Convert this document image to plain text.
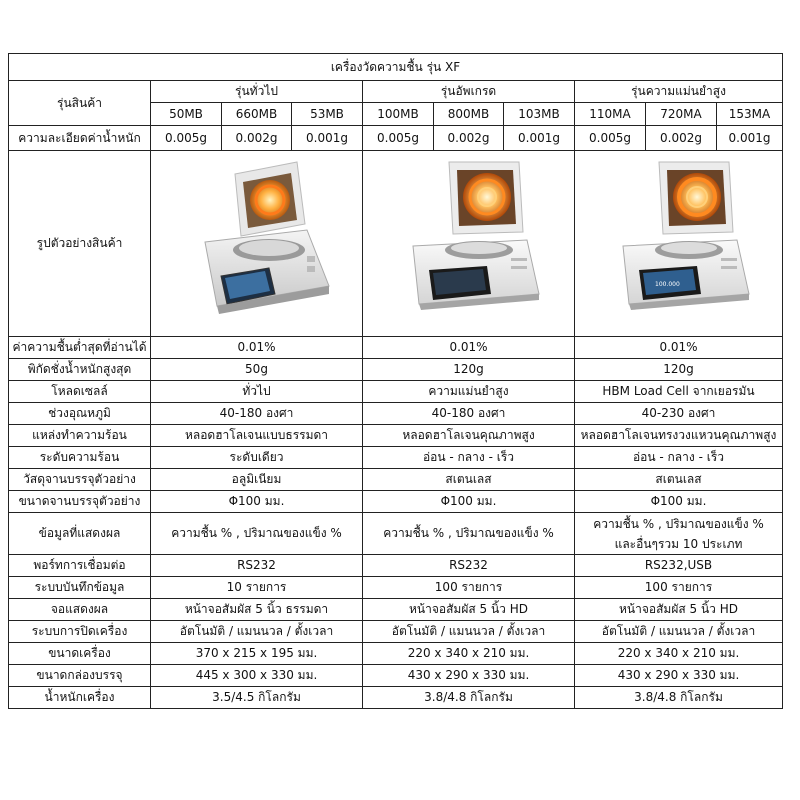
เครื่องวัดความชื้น รุ่น XF									
รุ่นสินค้า	รุ่นทั่วไป			รุ่นอัพเกรด			รุ่นความแม่นยำสูง		
	50MB	660MB	53MB	100MB	800MB	103MB	110MA	720MA	153MA
ความละเอียดค่าน้ำหนัก	0.005g	0.002g	0.001g	0.005g	0.002g	0.001g	0.005g	0.002g	0.001g
รูปตัวอย่างสินค้า							100.000		

ค่าความชื้นต่ำสุดที่อ่านได้	0.01%			0.01%			0.01%		
พิกัดชั่งน้ำหนักสูงสุด	50g			120g			120g		
โหลดเซลล์	ทั่วไป			ความแม่นยำสูง			HBM Load Cell จากเยอรมัน		
ช่วงอุณหภูมิ	40-180 องศา			40-180 องศา			40-230 องศา		
แหล่งทำความร้อน	หลอดฮาโลเจนแบบธรรมดา			หลอดฮาโลเจนคุณภาพสูง			หลอดฮาโลเจนทรงวงแหวนคุณภาพสูง		
ระดับความร้อน	ระดับเดียว			อ่อน - กลาง - เร็ว			อ่อน - กลาง - เร็ว		
วัสดุจานบรรจุตัวอย่าง	อลูมิเนียม			สเตนเลส			สเตนเลส		
ขนาดจานบรรจุตัวอย่าง	Φ100 มม.			Φ100 มม.			Φ100 มม.		
ข้อมูลที่แสดงผล	ความชื้น % , ปริมาณของแข็ง %			ความชื้น % , ปริมาณของแข็ง %			ความชื้น % , ปริมาณของแข็ง %
และอื่นๆรวม 10 ประเภท		

พอร์ทการเชื่อมต่อ	RS232			RS232			RS232,USB		
ระบบบันทึกข้อมูล	10 รายการ			100 รายการ			100 รายการ		
จอแสดงผล	หน้าจอสัมผัส 5 นิ้ว ธรรมดา			หน้าจอสัมผัส 5 นิ้ว HD			หน้าจอสัมผัส 5 นิ้ว HD		
ระบบการปิดเครื่อง	อัตโนมัติ / แมนนวล / ตั้งเวลา			อัตโนมัติ / แมนนวล / ตั้งเวลา			อัตโนมัติ / แมนนวล / ตั้งเวลา		
ขนาดเครื่อง	370 x 215 x 195 มม.			220 x 340 x 210 มม.			220 x 340 x 210 มม.		
ขนาดกล่องบรรจุ	445 x 300 x 330 มม.			430 x 290 x 330 มม.			430 x 290 x 330 มม.		
น้ำหนักเครื่อง	3.5/4.5 กิโลกรัม			3.8/4.8 กิโลกรัม			3.8/4.8 กิโลกรัม		
